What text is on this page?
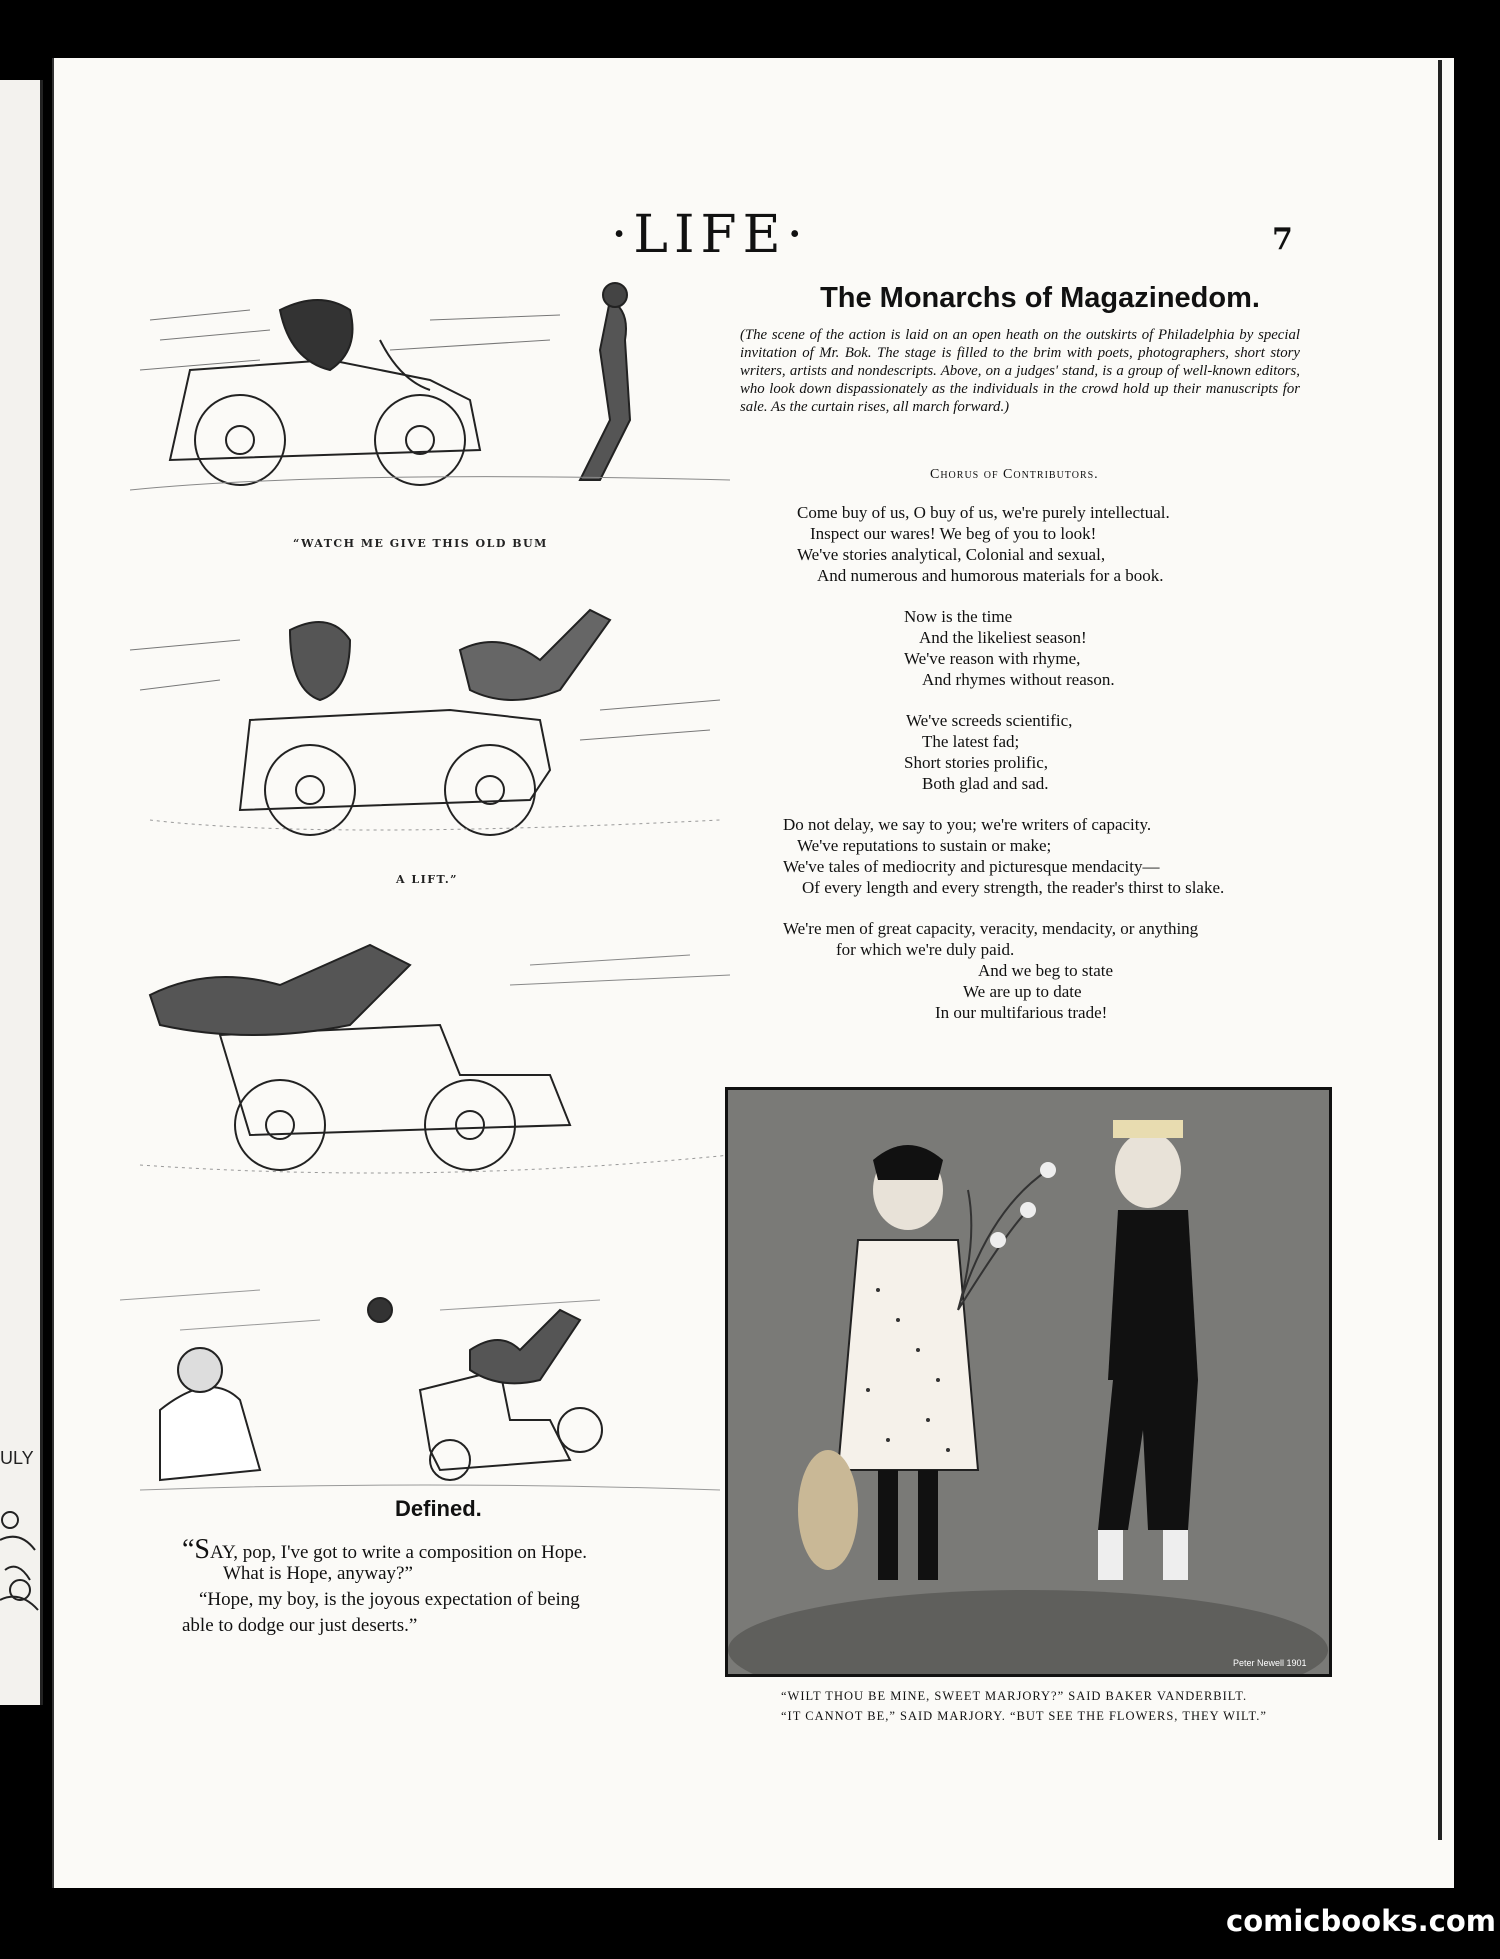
ULY
·LIFE·	7
“WATCH ME GIVE THIS OLD BUM
A LIFT.”
The Monarchs of Magazinedom.
(The scene of the action is laid on an open heath on the outskirts of Philadelphia by special invitation of Mr. Bok. The stage is filled to the brim with poets, photographers, short story writers, artists and nondescripts. Above, on a judges' stand, is a group of well-known editors, who look down dispassionately as the individuals in the crowd hold up their manuscripts for sale. As the curtain rises, all march forward.)
Chorus of Contributors.
Come buy of us, O buy of us, we're purely intellectual.
Inspect our wares! We beg of you to look!
We've stories analytical, Colonial and sexual,
And numerous and humorous materials for a book.
Now is the time
And the likeliest season!
We've reason with rhyme,
And rhymes without reason.
We've screeds scientific,
The latest fad;
Short stories prolific,
Both glad and sad.
Do not delay, we say to you; we're writers of capacity.
We've reputations to sustain or make;
We've tales of mediocrity and picturesque mendacity—
Of every length and every strength, the reader's thirst to slake.
We're men of great capacity, veracity, mendacity, or anything
for which we're duly paid.
And we beg to state
We are up to date
In our multifarious trade!
Peter Newell 1901
“WILT THOU BE MINE, SWEET MARJORY?” SAID BAKER VANDERBILT.
“IT CANNOT BE,” SAID MARJORY. “BUT SEE THE FLOWERS, THEY WILT.”
Defined.
“SAY, pop, I've got to write a composition on Hope.
What is Hope, anyway?”
“Hope, my boy, is the joyous expectation of being
able to dodge our just deserts.”
comicbooks.com
